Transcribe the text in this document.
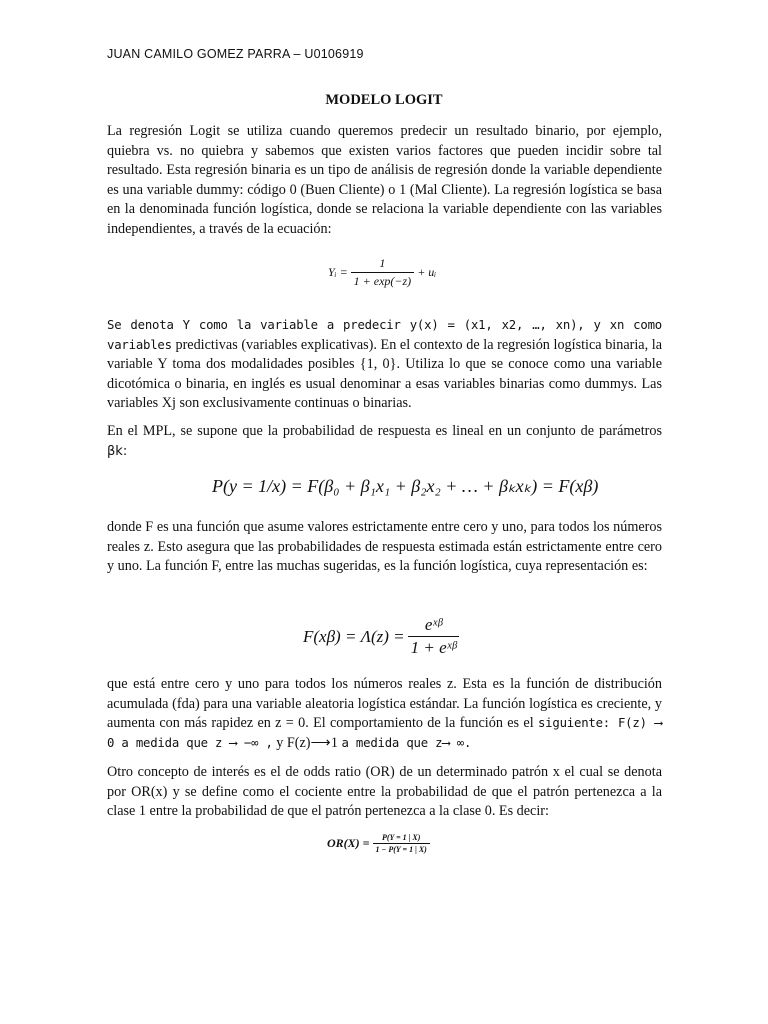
JUAN CAMILO GOMEZ PARRA – U0106919
MODELO LOGIT

La regresión Logit se utiliza cuando queremos predecir un resultado binario, por ejemplo, quiebra vs. no quiebra y sabemos que existen varios factores que pueden incidir sobre tal resultado. Esta regresión binaria es un tipo de análisis de regresión donde la variable dependiente es una variable dummy: código 0 (Buen Cliente) o 1 (Mal Cliente). La regresión logística se basa en la denominada función logística, donde se relaciona la variable dependiente con las variables independientes, a través de la ecuación:

Yᵢ = $\frac{1}{1 + \exp(-z)}$ + uᵢ

Se denota Y como la variable a predecir y(x) = (x1, x2, …, xn), y xn como variables predictivas (variables explicativas). En el contexto de la regresión logística binaria, la variable Y toma dos modalidades posibles {1, 0}. Utiliza lo que se conoce como una variable dicotómica o binaria, en inglés es usual denominar a esas variables binarias como dummys. Las variables Xj son exclusivamente continuas o binarias.

En el MPL, se supone que la probabilidad de respuesta es lineal en un conjunto de parámetros βk:

P(y = 1/x) = F(β₀ + β₁x₁ + β₂x₂ + … + βₖxₖ) = F(xβ)

donde F es una función que asume valores estrictamente entre cero y uno, para todos los números reales z. Esto asegura que las probabilidades de respuesta estimada están estrictamente entre cero y uno. La función F, entre las muchas sugeridas, es la función logística, cuya representación es:

$F(x\beta) = \Lambda(z) = \frac{\text{eˣᵝ}}{\text{1 + eˣᵝ}}$

que está entre cero y uno para todos los números reales z. Esta es la función de distribución acumulada (fda) para una variable aleatoria logística estándar. La función logística es creciente, y aumenta con más rapidez en z = 0. El comportamiento de la función es el siguiente: F(z) ⟶ 0 a medida que z ⟶ −∞ , y F(z)⟶1 a medida que z⟶ ∞.

Otro concepto de interés es el de odds ratio (OR) de un determinado patrón x el cual se denota por OR(x) y se define como el cociente entre la probabilidad de que el patrón pertenezca a la clase 1 entre la probabilidad de que el patrón pertenezca a la clase 0. Es decir:

$OR(X) = \frac{P(Y = 1 | X)}{1 - P(Y = 1 | X)}$
